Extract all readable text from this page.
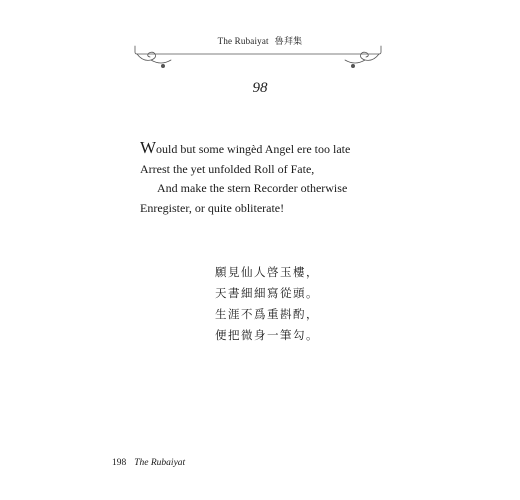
The Rubaiyat 魯拜集
98
Would but some wingèd Angel ere too late
Arrest the yet unfolded Roll of Fate,
And make the stern Recorder otherwise
Enregister, or quite obliterate!
願見仙人啓玉樓，
天書細細寫從頭。
生涯不爲重斟酌，
便把微身一筆勾。
198 The Rubaiyat
